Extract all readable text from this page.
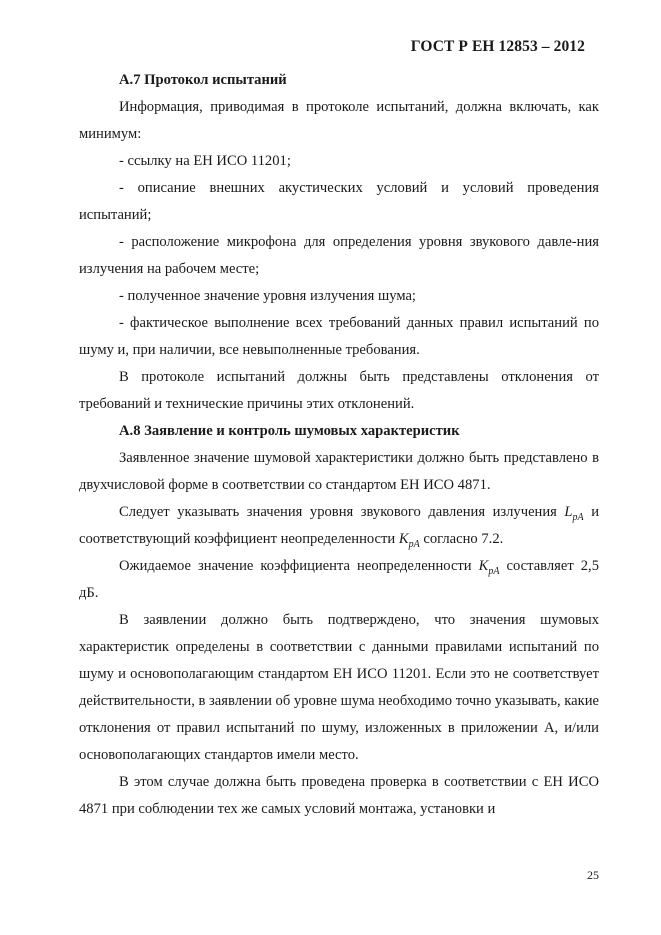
ГОСТ Р ЕН 12853 – 2012

А.7 Протокол испытаний

Информация, приводимая в протоколе испытаний, должна включать, как минимум:

- ссылку на ЕН ИСО 11201;

- описание внешних акустических условий и условий проведения испытаний;

- расположение микрофона для определения уровня звукового давле-ния излучения на рабочем месте;

- полученное значение уровня излучения шума;

- фактическое выполнение всех требований данных правил испытаний по шуму и, при наличии, все невыполненные требования.

В протоколе испытаний должны быть представлены отклонения от требований и технические причины этих отклонений.

А.8 Заявление и контроль шумовых характеристик

Заявленное значение шумовой характеристики должно быть представлено в двухчисловой форме в соответствии со стандартом ЕН ИСО 4871.

Следует указывать значения уровня звукового давления излучения $L_{pA}$ и соответствующий коэффициент неопределенности $K_{pA}$ согласно 7.2.

Ожидаемое значение коэффициента неопределенности $K_{pA}$ составляет 2,5 дБ.

В заявлении должно быть подтверждено, что значения шумовых характеристик определены в соответствии с данными правилами испытаний по шуму и основополагающим стандартом ЕН ИСО 11201. Если это не соответствует действительности, в заявлении об уровне шума необходимо точно указывать, какие отклонения от правил испытаний по шуму, изложенных в приложении А, и/или основополагающих стандартов имели место.

В этом случае должна быть проведена проверка в соответствии с ЕН ИСО 4871 при соблюдении тех же самых условий монтажа, установки и

25
